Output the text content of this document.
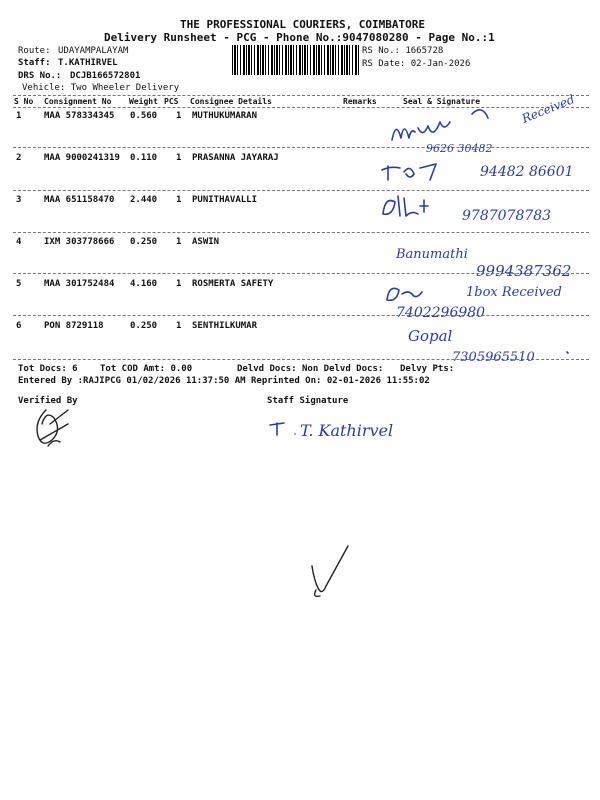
THE PROFESSIONAL COURIERS, COIMBATORE
Delivery Runsheet - PCG - Phone No.:9047080280 - Page No.:1
Route: UDAYAMPALAYAM
Staff: T.KATHIRVEL
DRS No.: DCJB166572801
Vehicle: Two Wheeler Delivery
RS No.: 1665728
RS Date: 02-Jan-2026
S No Consignment No Weight PCS Consignee Details	Remarks	Seal & Signature
1	MAA 578334345 0.560 1 MUTHUKUMARAN
2	MAA 9000241319 0.110 1 PRASANNA JAYARAJ
3	MAA 651158470 2.440 1 PUNITHAVALLI
4	IXM 303778666 0.250 1 ASWIN
5	MAA 301752484 4.160 1 ROSMERTA SAFETY
6	PON 8729118	0.250 1 SENTHILKUMAR
9626 30482
Received
94482 86601
9787078783
Banumathi
9994387362
1box Received
7402296980
Gopal
7305965510
Tot Docs: 6 Tot COD Amt: 0.00	Delvd Docs: Non Delvd Docs: Delvy Pts:
Entered By :RAJIPCG 01/02/2026 11:37:50 AM Reprinted On: 02-01-2026 11:55:02
Verified By	Staff Signature
T. Kathirvel
